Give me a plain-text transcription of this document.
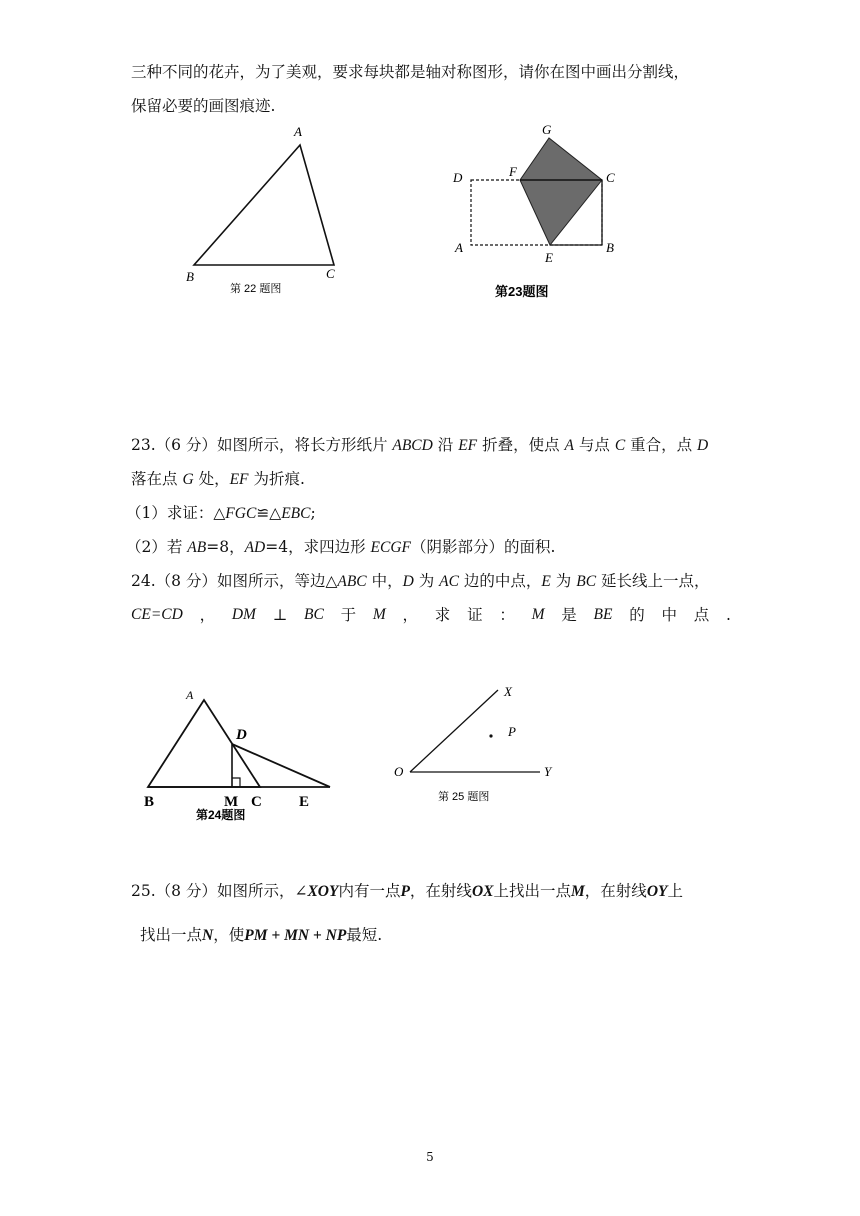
三种不同的花卉，为了美观，要求每块都是轴对称图形，请你在图中画出分割线，
保留必要的画图痕迹.
A
B	C
第 22 题图
G
D	F	C
A
E
B
第23题图
23.（6 分）如图所示，将长方形纸片 ABCD 沿 EF 折叠，使点 A 与点 C 重合，点 D
落在点 G 处，EF 为折痕.
（1）求证：△FGC≌△EBC;
（2）若 AB=8，AD=4，求四边形 ECGF（阴影部分）的面积.
24.（8 分）如图所示，等边△ABC 中，D 为 AC 边的中点，E 为 BC 延长线上一点，
CE=CD ， DM ⊥ BC 于 M ， 求 证 ： M 是 BE 的 中 点 .
A
D
B	M C E
第24题图
X
P
O	Y
第 25 题图
25.（8 分）如图所示，∠XOY内有一点P，在射线OX上找出一点M，在射线OY上
找出一点N，使PM + MN + NP最短.
5
